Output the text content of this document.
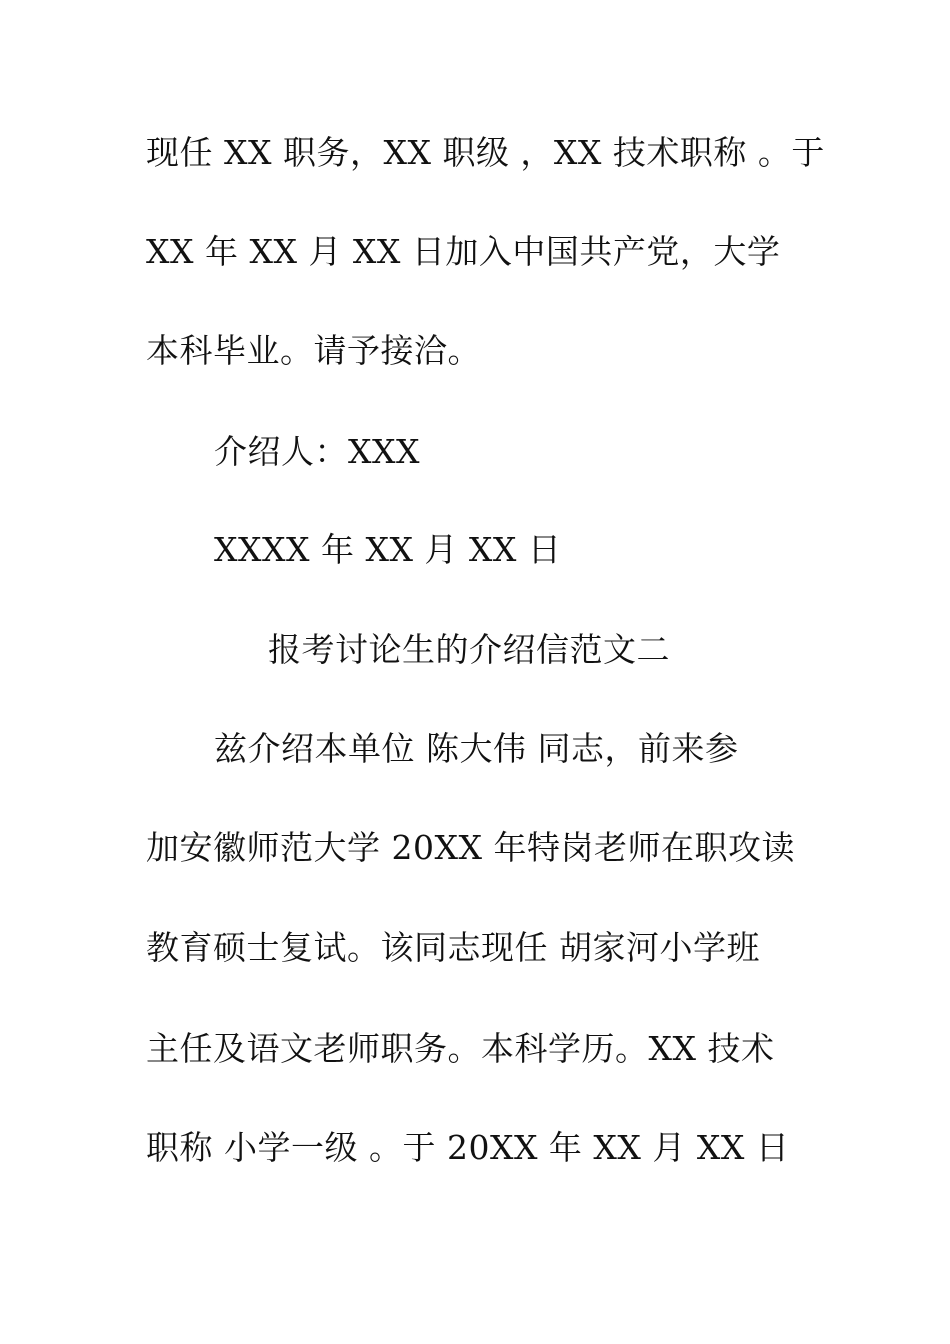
现任 XX 职务，XX 职级 ，XX 技术职称 。于
XX 年 XX 月 XX 日加入中国共产党，大学
本科毕业。请予接洽。
介绍人：XXX
XXXX 年 XX 月 XX 日
报考讨论生的介绍信范文二
兹介绍本单位 陈大伟 同志，前来参
加安徽师范大学 20XX 年特岗老师在职攻读
教育硕士复试。该同志现任 胡家河小学班
主任及语文老师职务。本科学历。XX 技术
职称 小学一级 。于 20XX 年 XX 月 XX 日
